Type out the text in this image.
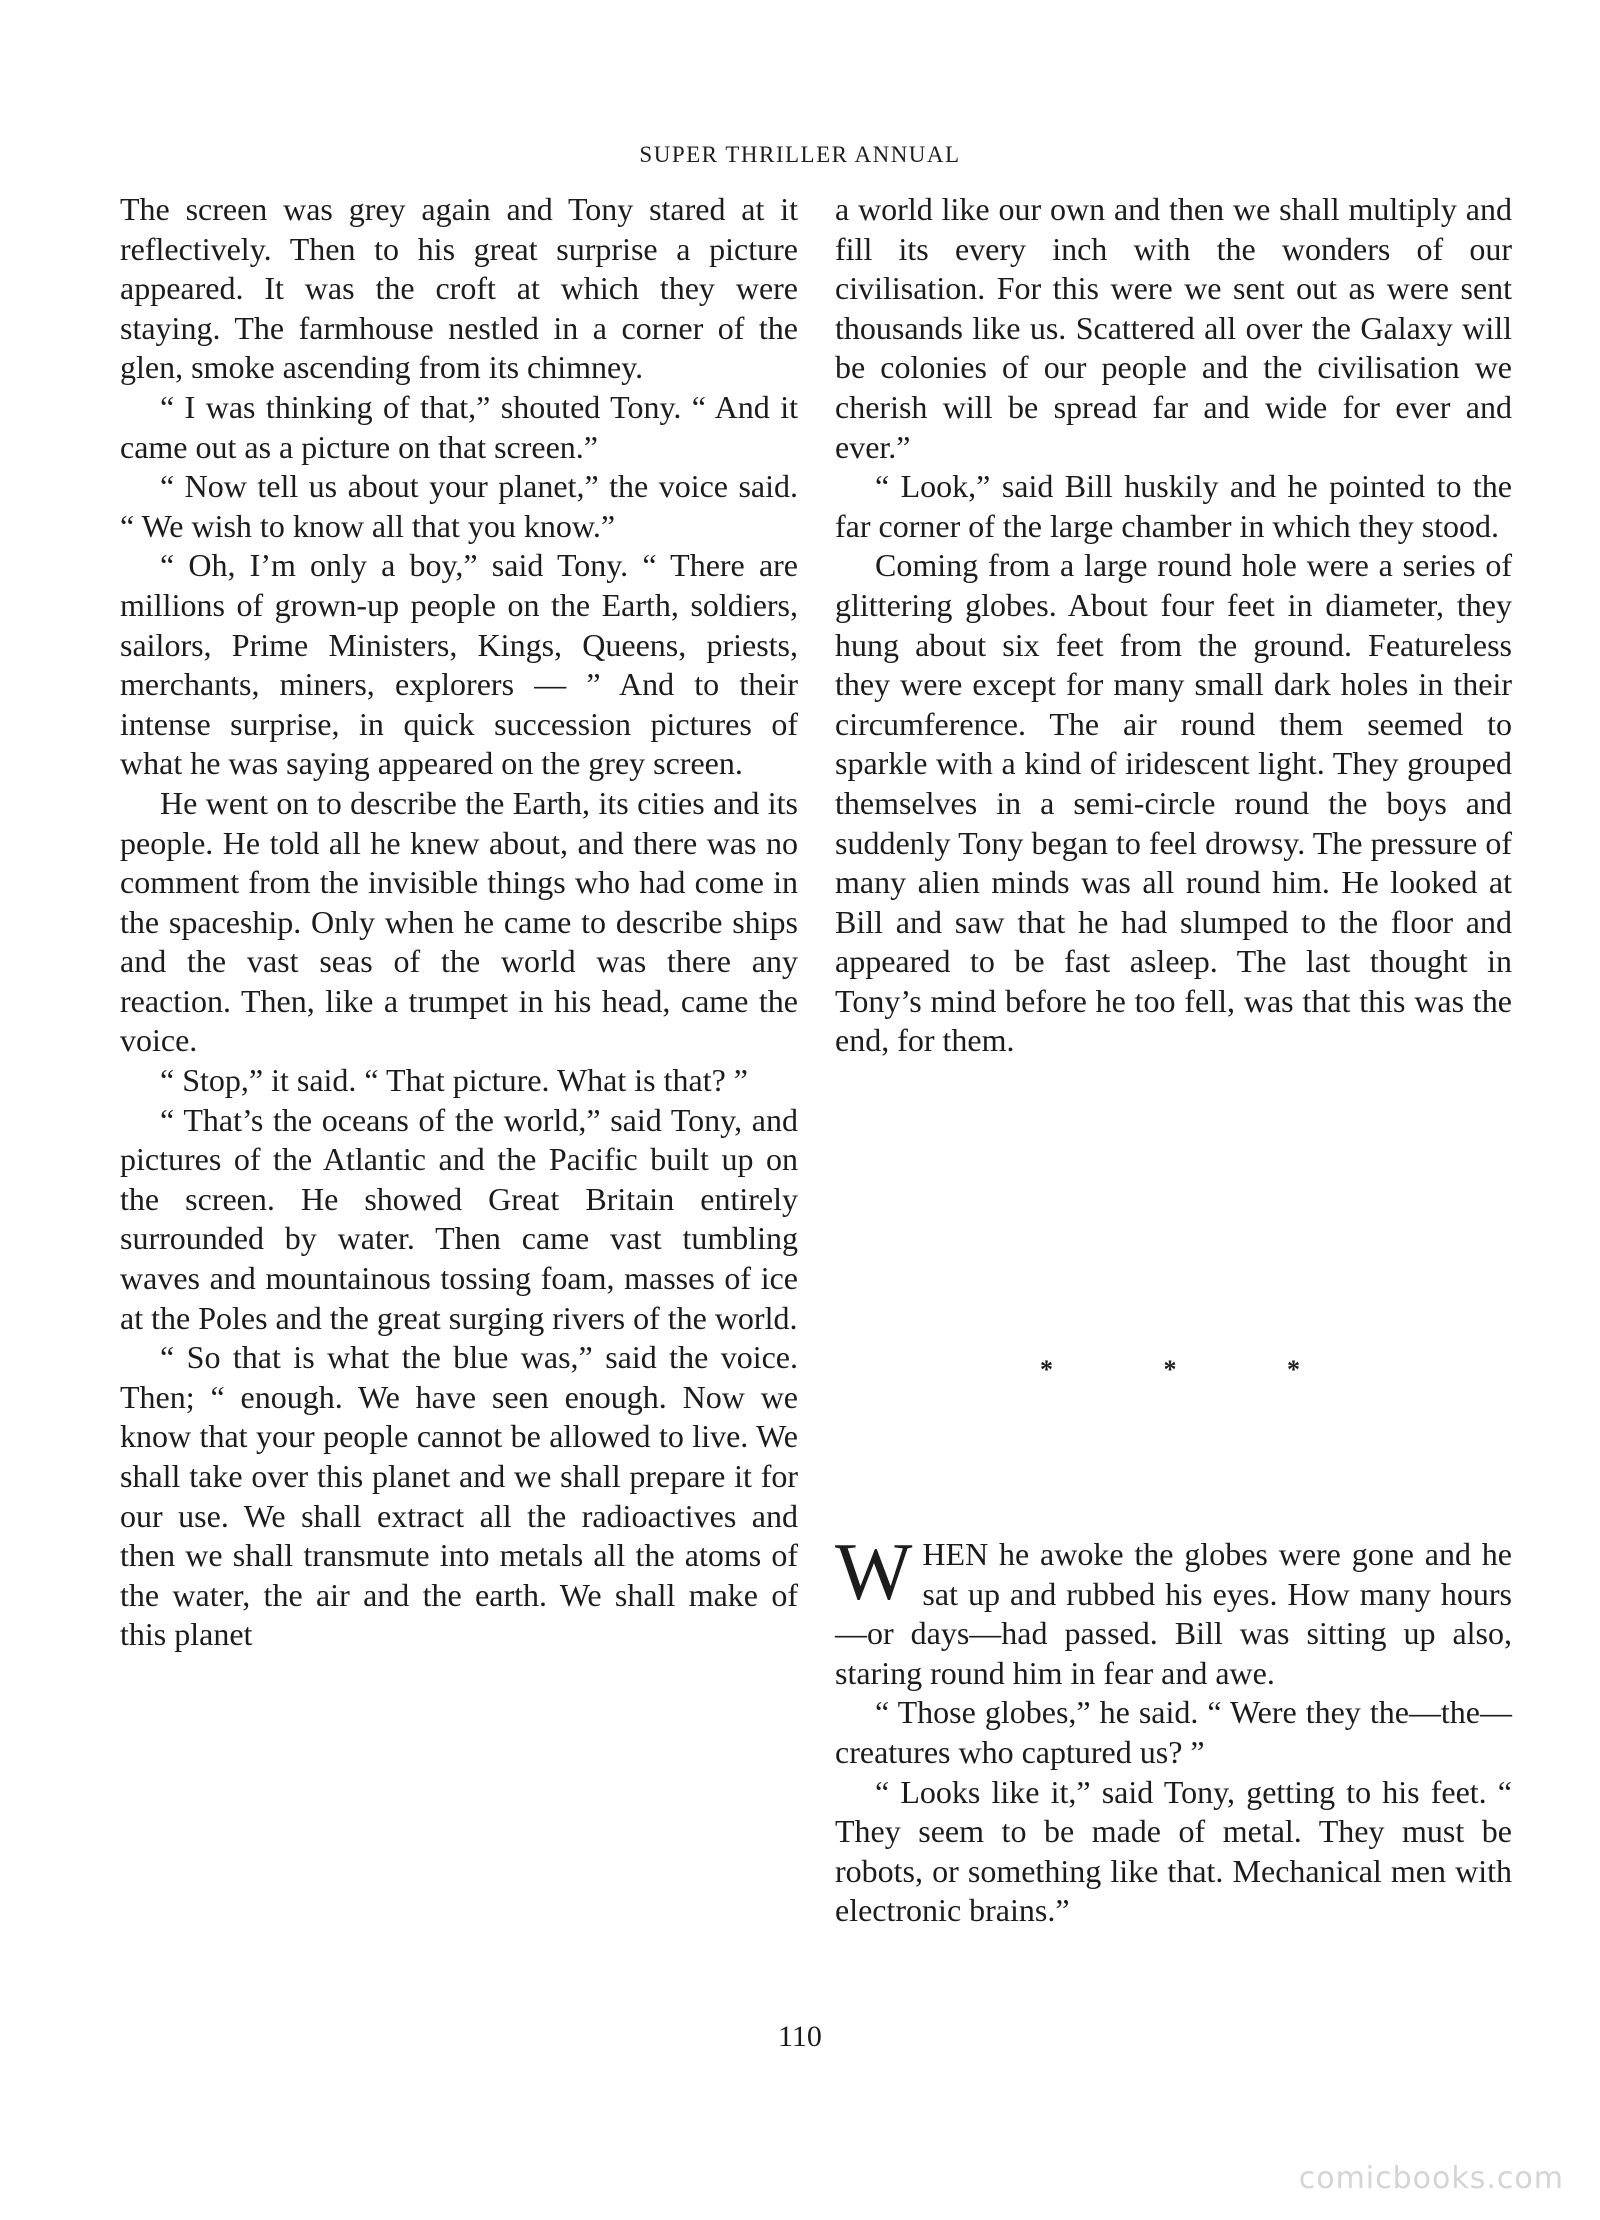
SUPER THRILLER ANNUAL

The screen was grey again and Tony stared at it reflectively. Then to his great surprise a picture appeared. It was the croft at which they were staying. The farmhouse nestled in a corner of the glen, smoke ascending from its chimney.

“ I was thinking of that,” shouted Tony. “ And it came out as a picture on that screen.”

“ Now tell us about your planet,” the voice said. “ We wish to know all that you know.”

“ Oh, I’m only a boy,” said Tony. “ There are millions of grown-up people on the Earth, soldiers, sailors, Prime Ministers, Kings, Queens, priests, merchants, miners, explorers — ” And to their intense surprise, in quick succession pictures of what he was saying appeared on the grey screen.

He went on to describe the Earth, its cities and its people. He told all he knew about, and there was no comment from the invisible things who had come in the spaceship. Only when he came to describe ships and the vast seas of the world was there any reaction. Then, like a trumpet in his head, came the voice.

“ Stop,” it said. “ That picture. What is that? ”

“ That’s the oceans of the world,” said Tony, and pictures of the Atlantic and the Pacific built up on the screen. He showed Great Britain entirely surrounded by water. Then came vast tumbling waves and mountainous tossing foam, masses of ice at the Poles and the great surging rivers of the world.

“ So that is what the blue was,” said the voice. Then; “ enough. We have seen enough. Now we know that your people cannot be allowed to live. We shall take over this planet and we shall prepare it for our use. We shall extract all the radioactives and then we shall transmute into metals all the atoms of the water, the air and the earth. We shall make of this planet

a world like our own and then we shall multiply and fill its every inch with the wonders of our civilisation. For this were we sent out as were sent thousands like us. Scattered all over the Galaxy will be colonies of our people and the civilisation we cherish will be spread far and wide for ever and ever.”

“ Look,” said Bill huskily and he pointed to the far corner of the large chamber in which they stood.

Coming from a large round hole were a series of glittering globes. About four feet in diameter, they hung about six feet from the ground. Featureless they were except for many small dark holes in their circumference. The air round them seemed to sparkle with a kind of iridescent light. They grouped themselves in a semi-circle round the boys and suddenly Tony began to feel drowsy. The pressure of many alien minds was all round him. He looked at Bill and saw that he had slumped to the floor and appeared to be fast asleep. The last thought in Tony’s mind before he too fell, was that this was the end, for them.

*	*	*

WHEN he awoke the globes were gone and he sat up and rubbed his eyes. How many hours—or days—had passed. Bill was sitting up also, staring round him in fear and awe.

“ Those globes,” he said. “ Were they the—the—creatures who captured us? ”

“ Looks like it,” said Tony, getting to his feet. “ They seem to be made of metal. They must be robots, or something like that. Mechanical men with electronic brains.”

110
comicbooks.com
